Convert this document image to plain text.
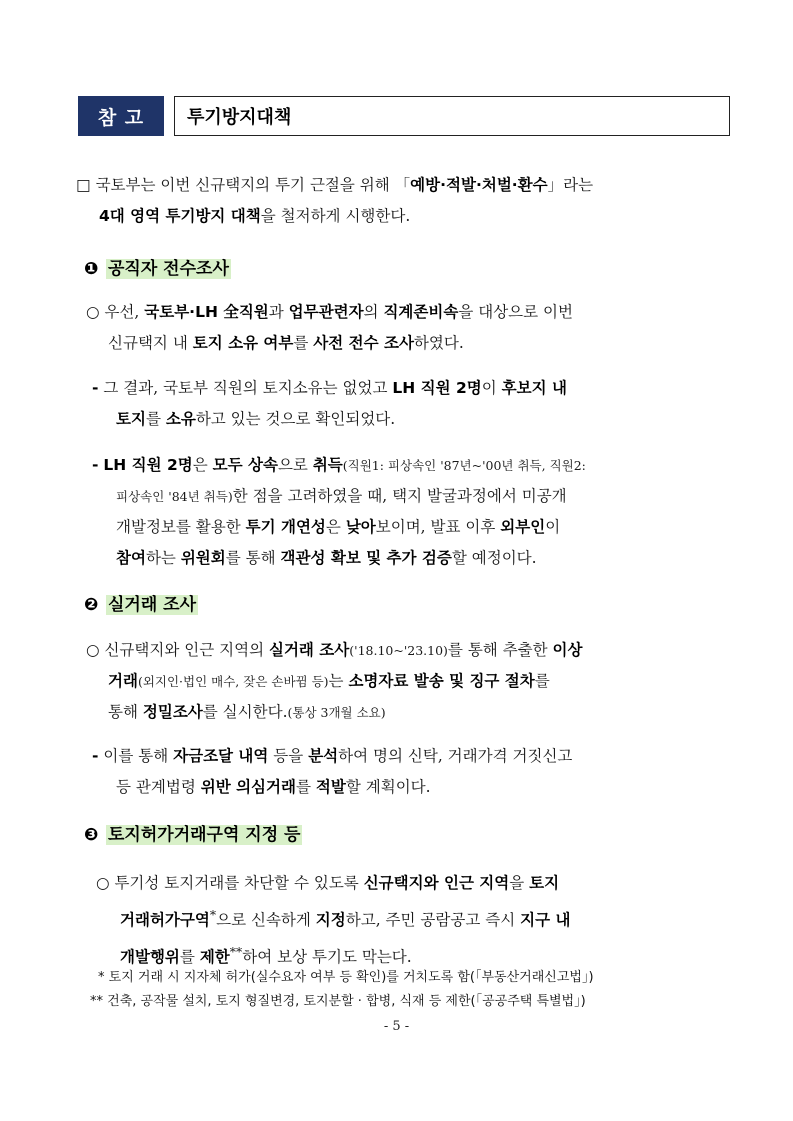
참 고	투기방지대책

□ 국토부는 이번 신규택지의 투기 근절을 위해 「예방·적발·처벌·환수」라는

4대 영역 투기방지 대책을 철저하게 시행한다.

❶ 공직자 전수조사

○ 우선, 국토부·LH 全직원과 업무관련자의 직계존비속을 대상으로 이번

신규택지 내 토지 소유 여부를 사전 전수 조사하였다.

- 그 결과, 국토부 직원의 토지소유는 없었고 LH 직원 2명이 후보지 내

토지를 소유하고 있는 것으로 확인되었다.

- LH 직원 2명은 모두 상속으로 취득(직원1: 피상속인 '87년~'00년 취득, 직원2:

피상속인 '84년 취득)한 점을 고려하였을 때, 택지 발굴과정에서 미공개

개발정보를 활용한 투기 개연성은 낮아보이며, 발표 이후 외부인이

참여하는 위원회를 통해 객관성 확보 및 추가 검증할 예정이다.

❷ 실거래 조사

○ 신규택지와 인근 지역의 실거래 조사('18.10~'23.10)를 통해 추출한 이상

거래(외지인·법인 매수, 잦은 손바뀜 등)는 소명자료 발송 및 징구 절차를

통해 정밀조사를 실시한다.(통상 3개월 소요)

- 이를 통해 자금조달 내역 등을 분석하여 명의 신탁, 거래가격 거짓신고

등 관계법령 위반 의심거래를 적발할 계획이다.

❸ 토지허가거래구역 지정 등

○ 투기성 토지거래를 차단할 수 있도록 신규택지와 인근 지역을 토지

거래허가구역*으로 신속하게 지정하고, 주민 공람공고 즉시 지구 내

개발행위를 제한**하여 보상 투기도 막는다.

* 토지 거래 시 지자체 허가(실수요자 여부 등 확인)를 거치도록 함(「부동산거래신고법」)
** 건축, 공작물 설치, 토지 형질변경, 토지분할 · 합병, 식재 등 제한(「공공주택 특별법」)
- 5 -
